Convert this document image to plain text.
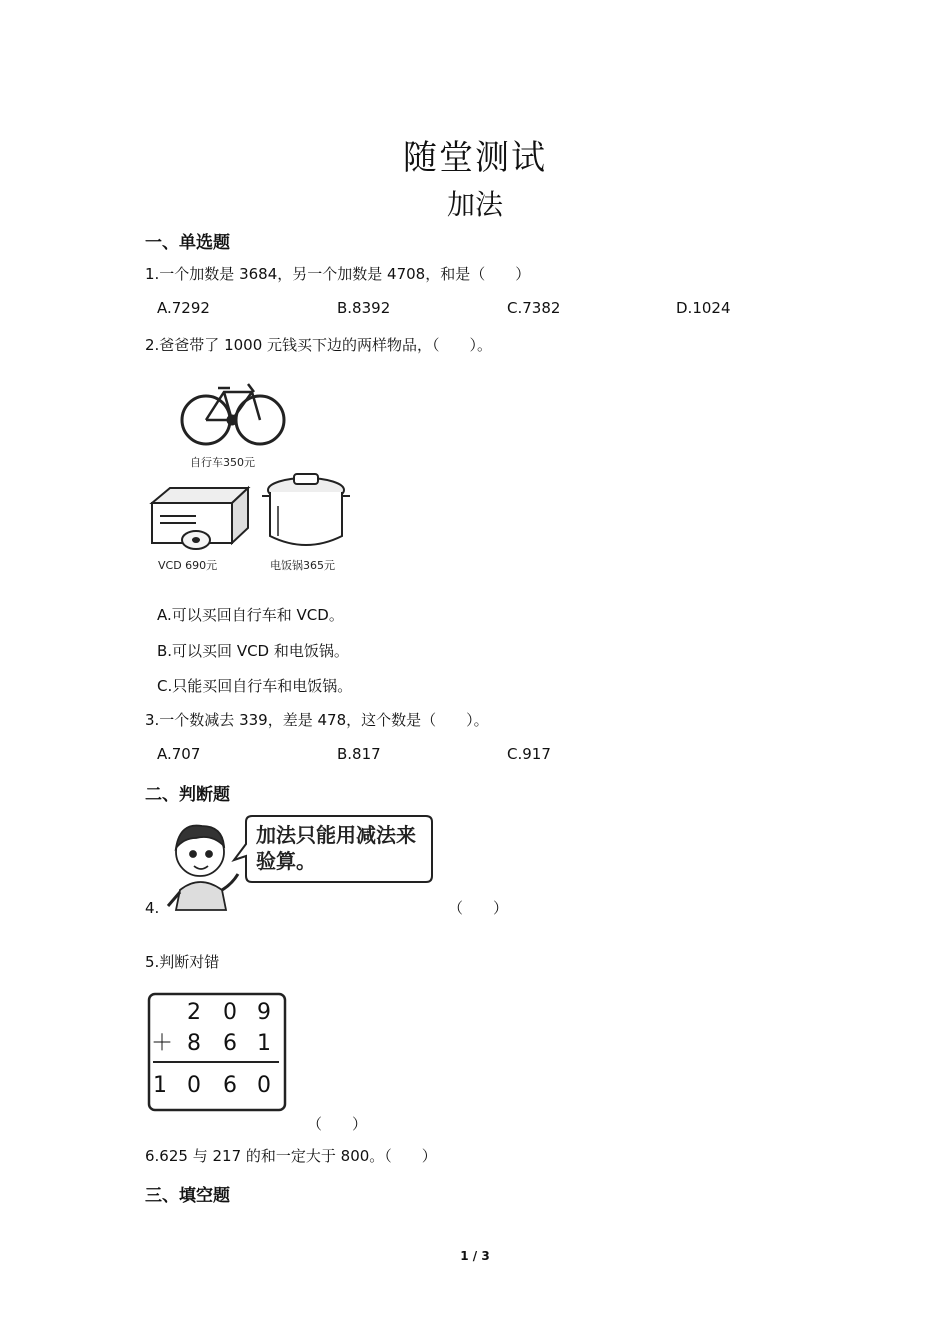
随堂测试
加法
一、单选题
1.一个加数是 3684，另一个加数是 4708，和是（　　）
A.7292	B.8392	C.7382	D.1024
2.爸爸带了 1000 元钱买下边的两样物品，（　　）。
自行车350元
VCD 690元	电饭锅365元
A.可以买回自行车和 VCD。
B.可以买回 VCD 和电饭锅。
C.只能买回自行车和电饭锅。
3.一个数减去 339，差是 478，这个数是（　　）。
A.707	B.817	C.917
二、判断题
加法只能用减法来
验算。
4.	（　　）
5.判断对错
2 0 9
＋ 8 6 1
1 0 6 0
（　　）
6.625 与 217 的和一定大于 800。（　　）
三、填空题
1 / 3
